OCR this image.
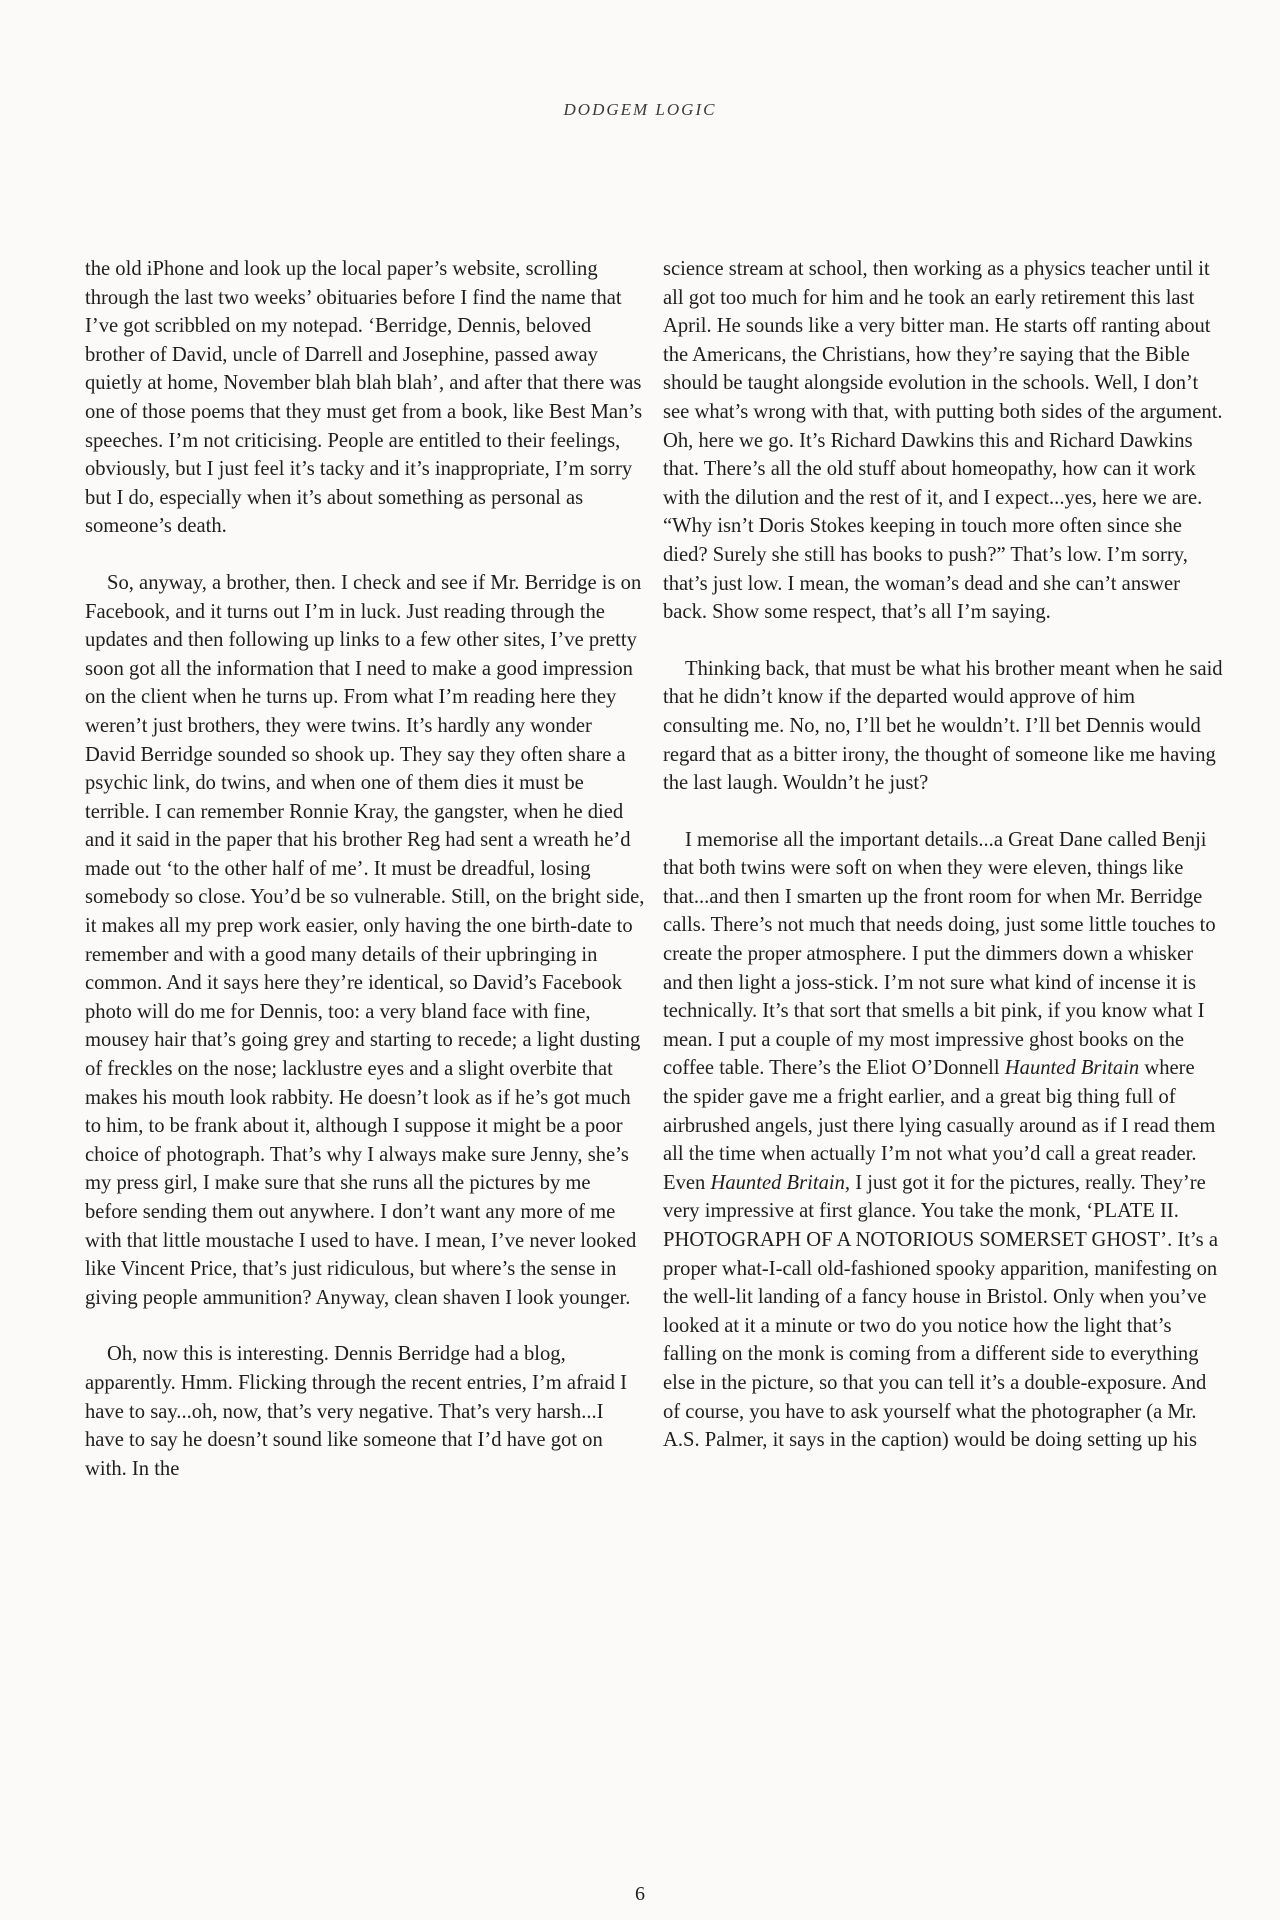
DODGEM LOGIC

the old iPhone and look up the local paper’s website, scrolling through the last two weeks’ obituaries before I find the name that I’ve got scribbled on my notepad. ‘Berridge, Dennis, beloved brother of David, uncle of Darrell and Josephine, passed away quietly at home, November blah blah blah’, and after that there was one of those poems that they must get from a book, like Best Man’s speeches. I’m not criticising. People are entitled to their feelings, obviously, but I just feel it’s tacky and it’s inappropriate, I’m sorry but I do, especially when it’s about something as personal as someone’s death.

So, anyway, a brother, then. I check and see if Mr. Berridge is on Facebook, and it turns out I’m in luck. Just reading through the updates and then following up links to a few other sites, I’ve pretty soon got all the information that I need to make a good impression on the client when he turns up. From what I’m reading here they weren’t just brothers, they were twins. It’s hardly any wonder David Berridge sounded so shook up. They say they often share a psychic link, do twins, and when one of them dies it must be terrible. I can remember Ronnie Kray, the gangster, when he died and it said in the paper that his brother Reg had sent a wreath he’d made out ‘to the other half of me’. It must be dreadful, losing somebody so close. You’d be so vulnerable. Still, on the bright side, it makes all my prep work easier, only having the one birth-date to remember and with a good many details of their upbringing in common. And it says here they’re identical, so David’s Facebook photo will do me for Dennis, too: a very bland face with fine, mousey hair that’s going grey and starting to recede; a light dusting of freckles on the nose; lacklustre eyes and a slight overbite that makes his mouth look rabbity. He doesn’t look as if he’s got much to him, to be frank about it, although I suppose it might be a poor choice of photograph. That’s why I always make sure Jenny, she’s my press girl, I make sure that she runs all the pictures by me before sending them out anywhere. I don’t want any more of me with that little moustache I used to have. I mean, I’ve never looked like Vincent Price, that’s just ridiculous, but where’s the sense in giving people ammunition? Anyway, clean shaven I look younger.

Oh, now this is interesting. Dennis Berridge had a blog, apparently. Hmm. Flicking through the recent entries, I’m afraid I have to say...oh, now, that’s very negative. That’s very harsh...I have to say he doesn’t sound like someone that I’d have got on with. In the

science stream at school, then working as a physics teacher until it all got too much for him and he took an early retirement this last April. He sounds like a very bitter man. He starts off ranting about the Americans, the Christians, how they’re saying that the Bible should be taught alongside evolution in the schools. Well, I don’t see what’s wrong with that, with putting both sides of the argument. Oh, here we go. It’s Richard Dawkins this and Richard Dawkins that. There’s all the old stuff about homeopathy, how can it work with the dilution and the rest of it, and I expect...yes, here we are. “Why isn’t Doris Stokes keeping in touch more often since she died? Surely she still has books to push?” That’s low. I’m sorry, that’s just low. I mean, the woman’s dead and she can’t answer back. Show some respect, that’s all I’m saying.

Thinking back, that must be what his brother meant when he said that he didn’t know if the departed would approve of him consulting me. No, no, I’ll bet he wouldn’t. I’ll bet Dennis would regard that as a bitter irony, the thought of someone like me having the last laugh. Wouldn’t he just?

I memorise all the important details...a Great Dane called Benji that both twins were soft on when they were eleven, things like that...and then I smarten up the front room for when Mr. Berridge calls. There’s not much that needs doing, just some little touches to create the proper atmosphere. I put the dimmers down a whisker and then light a joss-stick. I’m not sure what kind of incense it is technically. It’s that sort that smells a bit pink, if you know what I mean. I put a couple of my most impressive ghost books on the coffee table. There’s the Eliot O’Donnell Haunted Britain where the spider gave me a fright earlier, and a great big thing full of airbrushed angels, just there lying casually around as if I read them all the time when actually I’m not what you’d call a great reader. Even Haunted Britain, I just got it for the pictures, really. They’re very impressive at first glance. You take the monk, ‘PLATE II. PHOTOGRAPH OF A NOTORIOUS SOMERSET GHOST’. It’s a proper what-I-call old-fashioned spooky apparition, manifesting on the well-lit landing of a fancy house in Bristol. Only when you’ve looked at it a minute or two do you notice how the light that’s falling on the monk is coming from a different side to everything else in the picture, so that you can tell it’s a double-exposure. And of course, you have to ask yourself what the photographer (a Mr. A.S. Palmer, it says in the caption) would be doing setting up his

6
